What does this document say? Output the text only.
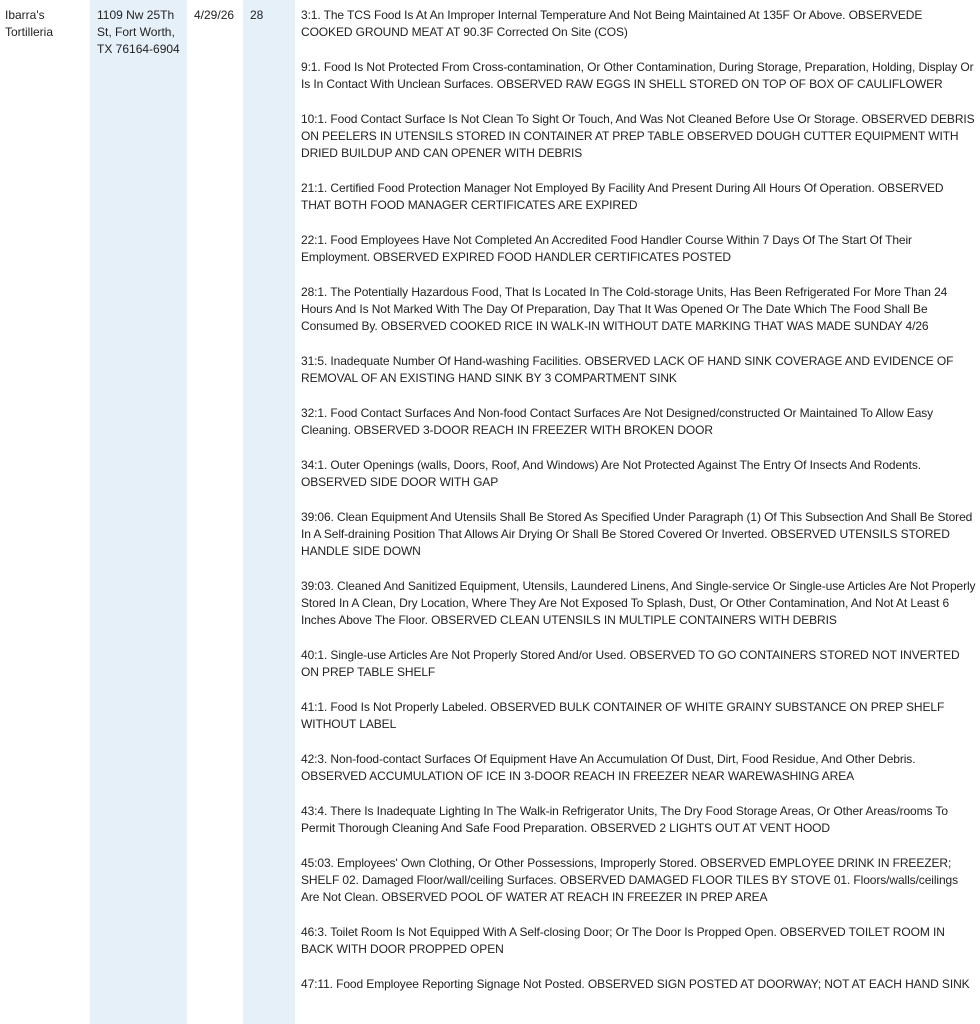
Ibarra's Tortilleria
1109 Nw 25Th St, Fort Worth, TX 76164-6904
4/29/26	28	3:1. The TCS Food Is At An Improper Internal Temperature And Not Being Maintained At 135F Or Above. OBSERVEDE COOKED GROUND MEAT AT 90.3F Corrected On Site (COS)

9:1. Food Is Not Protected From Cross-contamination, Or Other Contamination, During Storage, Preparation, Holding, Display Or Is In Contact With Unclean Surfaces. OBSERVED RAW EGGS IN SHELL STORED ON TOP OF BOX OF CAULIFLOWER

10:1. Food Contact Surface Is Not Clean To Sight Or Touch, And Was Not Cleaned Before Use Or Storage. OBSERVED DEBRIS ON PEELERS IN UTENSILS STORED IN CONTAINER AT PREP TABLE OBSERVED DOUGH CUTTER EQUIPMENT WITH DRIED BUILDUP AND CAN OPENER WITH DEBRIS

21:1. Certified Food Protection Manager Not Employed By Facility And Present During All Hours Of Operation. OBSERVED THAT BOTH FOOD MANAGER CERTIFICATES ARE EXPIRED

22:1. Food Employees Have Not Completed An Accredited Food Handler Course Within 7 Days Of The Start Of Their Employment. OBSERVED EXPIRED FOOD HANDLER CERTIFICATES POSTED

28:1. The Potentially Hazardous Food, That Is Located In The Cold-storage Units, Has Been Refrigerated For More Than 24 Hours And Is Not Marked With The Day Of Preparation, Day That It Was Opened Or The Date Which The Food Shall Be Consumed By. OBSERVED COOKED RICE IN WALK-IN WITHOUT DATE MARKING THAT WAS MADE SUNDAY 4/26

31:5. Inadequate Number Of Hand-washing Facilities. OBSERVED LACK OF HAND SINK COVERAGE AND EVIDENCE OF REMOVAL OF AN EXISTING HAND SINK BY 3 COMPARTMENT SINK

32:1. Food Contact Surfaces And Non-food Contact Surfaces Are Not Designed/constructed Or Maintained To Allow Easy Cleaning. OBSERVED 3-DOOR REACH IN FREEZER WITH BROKEN DOOR

34:1. Outer Openings (walls, Doors, Roof, And Windows) Are Not Protected Against The Entry Of Insects And Rodents. OBSERVED SIDE DOOR WITH GAP

39:06. Clean Equipment And Utensils Shall Be Stored As Specified Under Paragraph (1) Of This Subsection And Shall Be Stored In A Self-draining Position That Allows Air Drying Or Shall Be Stored Covered Or Inverted. OBSERVED UTENSILS STORED HANDLE SIDE DOWN

39:03. Cleaned And Sanitized Equipment, Utensils, Laundered Linens, And Single-service Or Single-use Articles Are Not Properly Stored In A Clean, Dry Location, Where They Are Not Exposed To Splash, Dust, Or Other Contamination, And Not At Least 6 Inches Above The Floor. OBSERVED CLEAN UTENSILS IN MULTIPLE CONTAINERS WITH DEBRIS

40:1. Single-use Articles Are Not Properly Stored And/or Used. OBSERVED TO GO CONTAINERS STORED NOT INVERTED ON PREP TABLE SHELF

41:1. Food Is Not Properly Labeled. OBSERVED BULK CONTAINER OF WHITE GRAINY SUBSTANCE ON PREP SHELF WITHOUT LABEL

42:3. Non-food-contact Surfaces Of Equipment Have An Accumulation Of Dust, Dirt, Food Residue, And Other Debris. OBSERVED ACCUMULATION OF ICE IN 3-DOOR REACH IN FREEZER NEAR WAREWASHING AREA

43:4. There Is Inadequate Lighting In The Walk-in Refrigerator Units, The Dry Food Storage Areas, Or Other Areas/rooms To Permit Thorough Cleaning And Safe Food Preparation. OBSERVED 2 LIGHTS OUT AT VENT HOOD

45:03. Employees' Own Clothing, Or Other Possessions, Improperly Stored. OBSERVED EMPLOYEE DRINK IN FREEZER; SHELF 02. Damaged Floor/wall/ceiling Surfaces. OBSERVED DAMAGED FLOOR TILES BY STOVE 01. Floors/walls/ceilings Are Not Clean. OBSERVED POOL OF WATER AT REACH IN FREEZER IN PREP AREA

46:3. Toilet Room Is Not Equipped With A Self-closing Door; Or The Door Is Propped Open. OBSERVED TOILET ROOM IN BACK WITH DOOR PROPPED OPEN

47:11. Food Employee Reporting Signage Not Posted. OBSERVED SIGN POSTED AT DOORWAY; NOT AT EACH HAND SINK
